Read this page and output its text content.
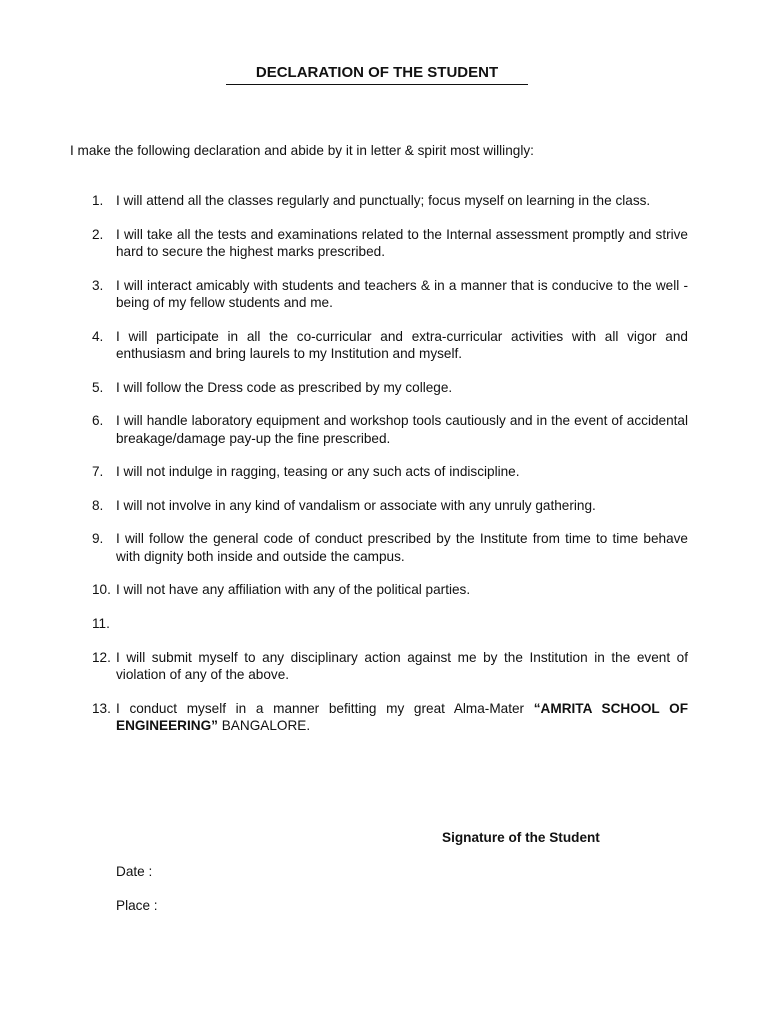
DECLARATION OF THE STUDENT
I make the following declaration and abide by it in letter & spirit most willingly:
1. I will attend all the classes regularly and punctually; focus myself on learning in the class.
2. I will take all the tests and examinations related to the Internal assessment promptly and strive hard to secure the highest marks prescribed.
3. I will interact amicably with students and teachers & in a manner that is conducive to the well -being of my fellow students and me.
4. I will participate in all the co-curricular and extra-curricular activities with all vigor and enthusiasm and bring laurels to my Institution and myself.
5. I will follow the Dress code as prescribed by my college.
6. I will handle laboratory equipment and workshop tools cautiously and in the event of accidental breakage/damage pay-up the fine prescribed.
7. I will not indulge in ragging, teasing or any such acts of indiscipline.
8. I will not involve in any kind of vandalism or associate with any unruly gathering.
9. I will follow the general code of conduct prescribed by the Institute from time to time behave with dignity both inside and outside the campus.
10. I will not have any affiliation with any of the political parties.
11.
12. I will submit myself to any disciplinary action against me by the Institution in the event of violation of any of the above.
13. I conduct myself in a manner befitting my great Alma-Mater “AMRITA SCHOOL OF ENGINEERING” BANGALORE.
Signature of the Student
Date :
Place :
